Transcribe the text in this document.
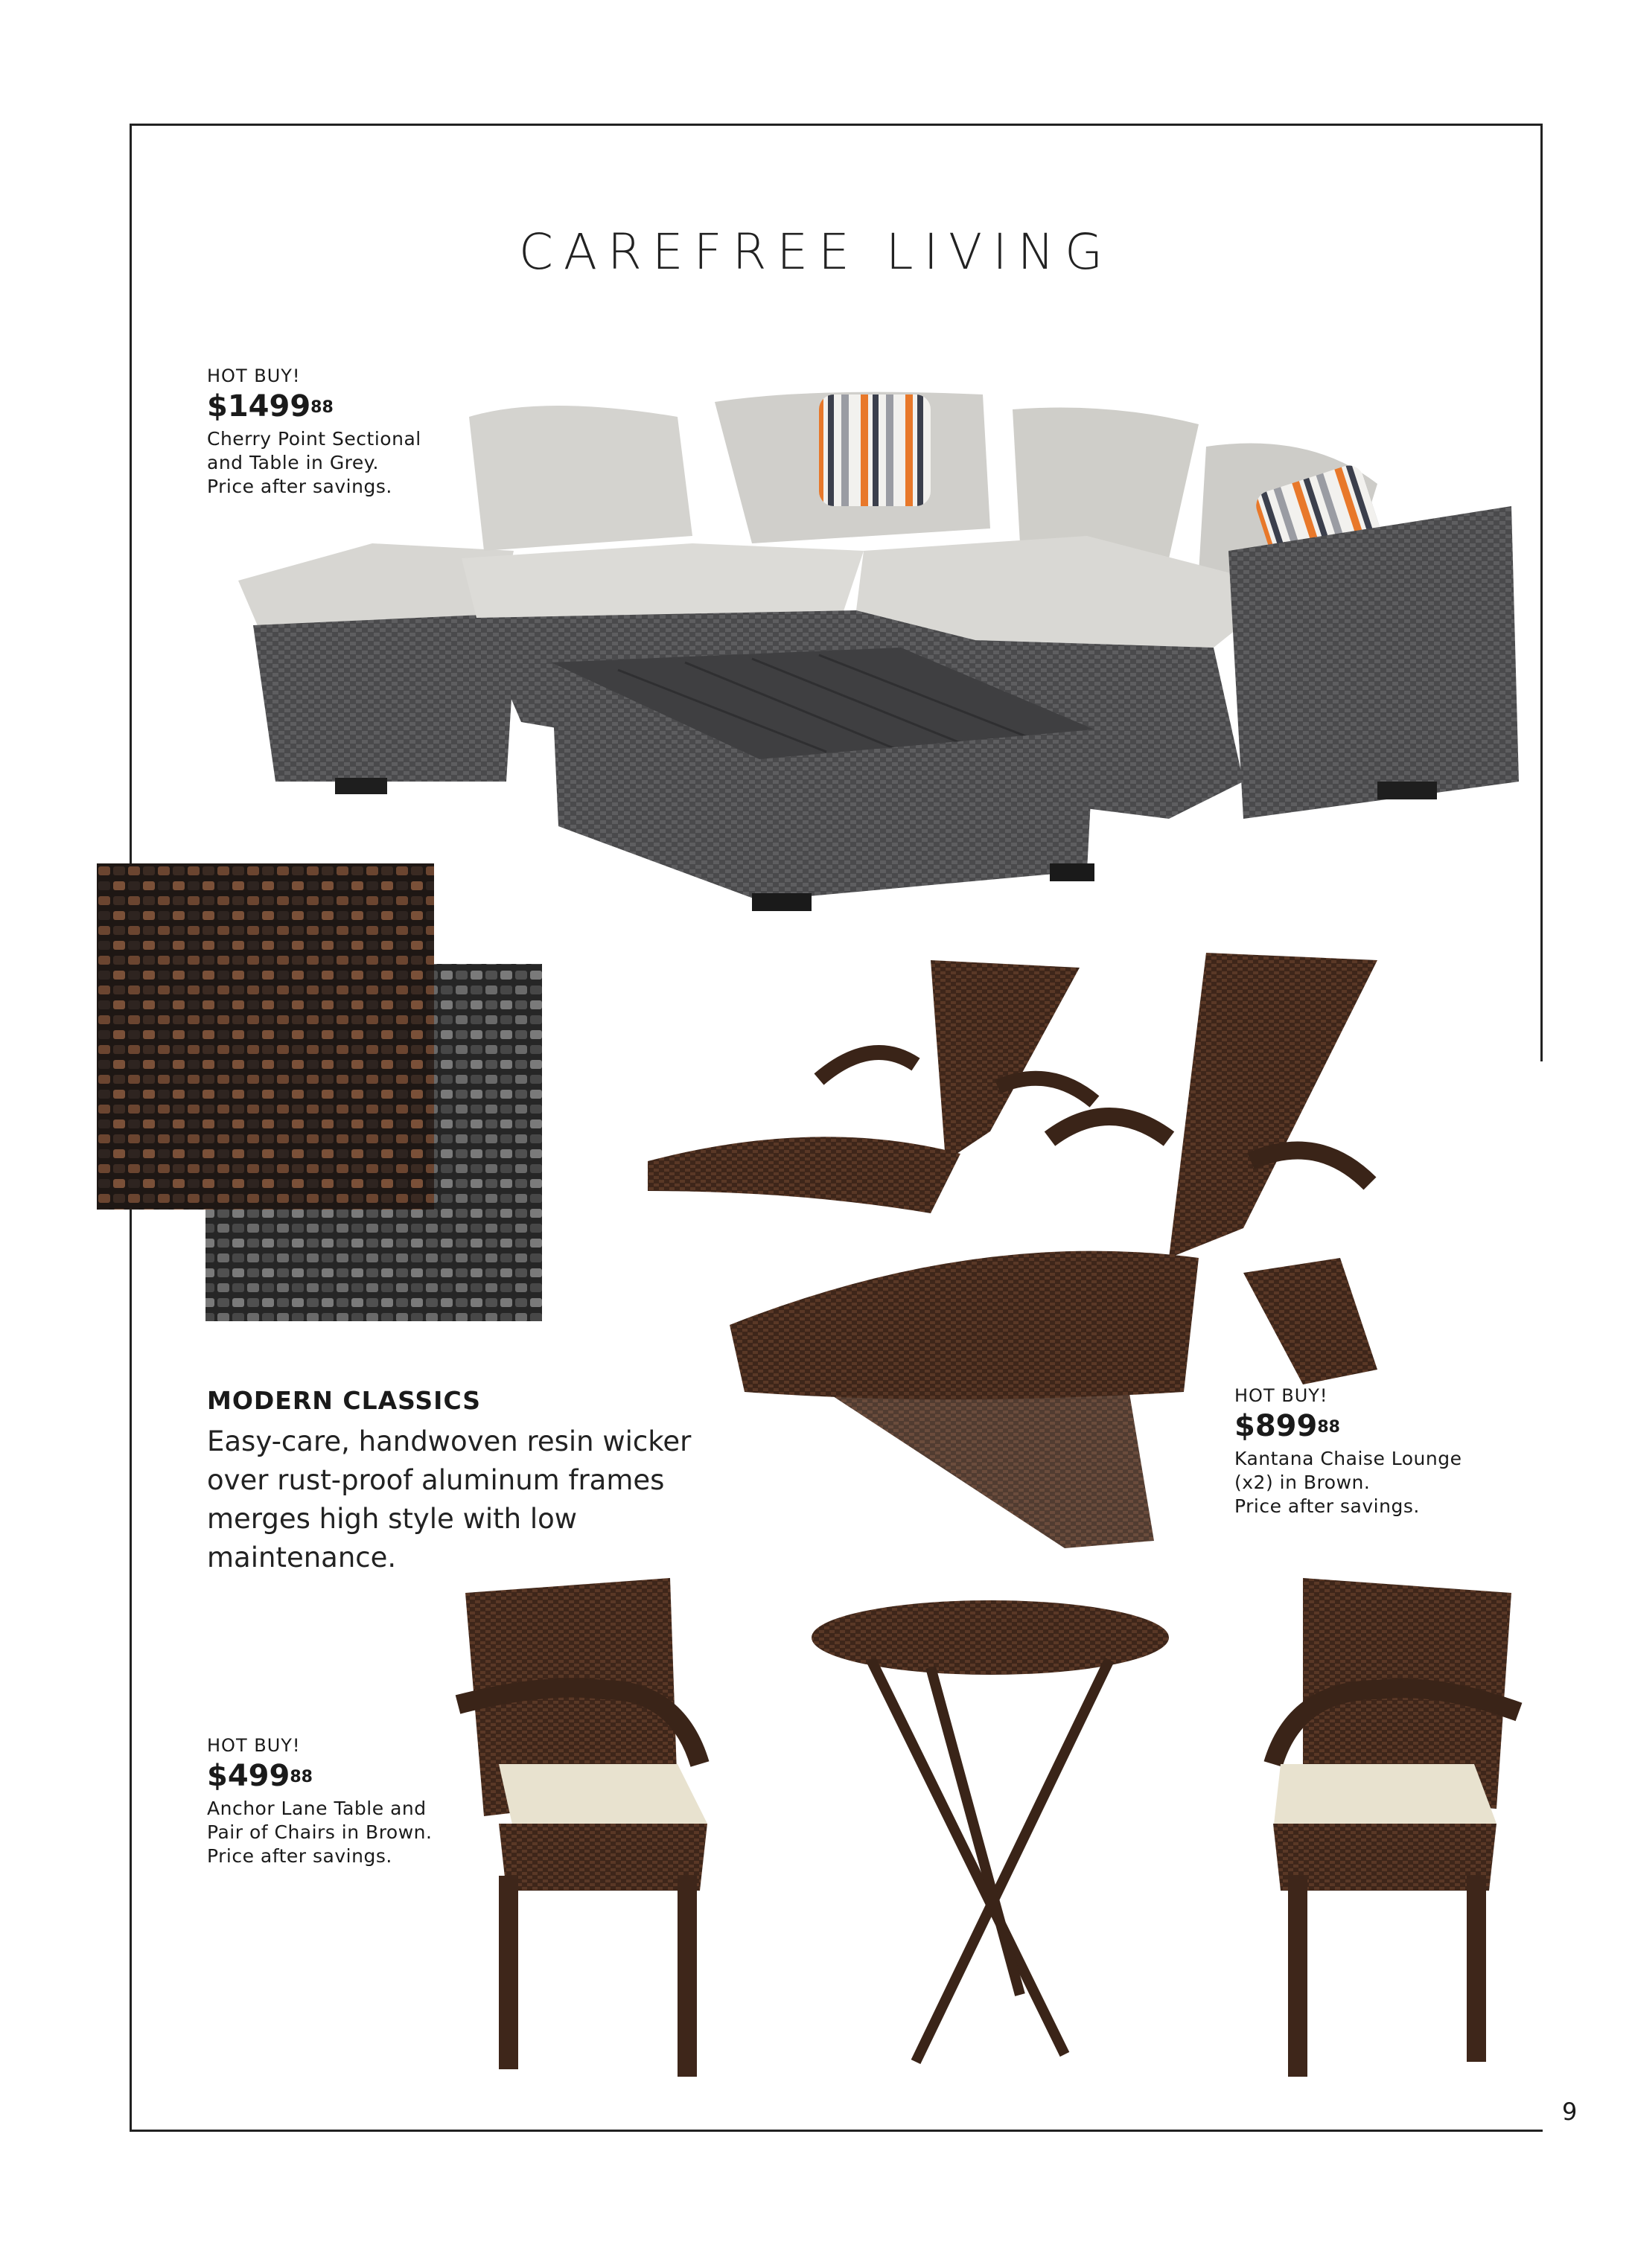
CAREFREE LIVING
HOT BUY!
$1499$^{88}$
Cherry Point Sectional
and Table in Grey.
Price after savings.
HOT BUY!
$\$899^{88}$
Kantana Chaise Lounge
(x2) in Brown.
Price after savings.
HOT BUY!
$\$499^{88}$
Anchor Lane Table and
Pair of Chairs in Brown.
Price after savings.
MODERN CLASSICS
Easy-care, handwoven resin wicker over rust-proof aluminum frames merges high style with low maintenance.
9
